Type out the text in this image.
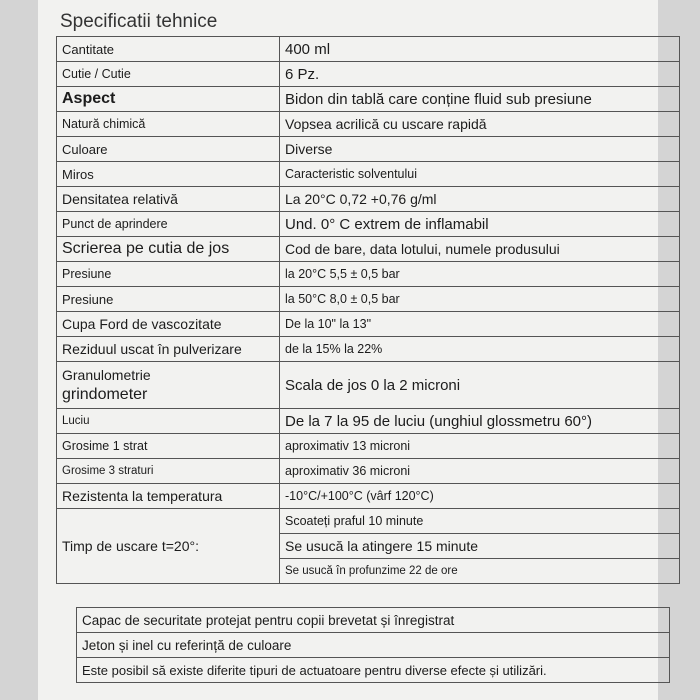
Specificatii tehnice
Cantitate	400 ml
Cutie / Cutie	6 Pz.
Aspect	Bidon din tablă care conține fluid sub presiune
Natură chimică	Vopsea acrilică cu uscare rapidă
Culoare	Diverse
Miros	Caracteristic solventului
Densitatea relativă	La 20°C 0,72 +0,76 g/ml
Punct de aprindere	Und. 0° C extrem de inflamabil
Scrierea pe cutia de jos	Cod de bare, data lotului, numele produsului
Presiune	la 20°C 5,5 ± 0,5 bar
Presiune	la 50°C 8,0 ± 0,5 bar
Cupa Ford de vascozitate	De la 10" la 13"
Reziduul uscat în pulverizare	de la 15% la 22%

Granulometrie
grindometer	Scala de jos 0 la 2 microni
Luciu	De la 7 la 95 de luciu (unghiul glossmetru 60°)
Grosime 1 strat	aproximativ 13 microni
Grosime 3 straturi	aproximativ 36 microni
Rezistenta la temperatura	-10°C/+100°C (vârf 120°C)
Timp de uscare t=20°:	Scoateți praful 10 minute
	Se usucă la atingere 15 minute
	Se usucă în profunzime 22 de ore
Capac de securitate protejat pentru copii brevetat și înregistrat
Jeton și inel cu referință de culoare
Este posibil să existe diferite tipuri de actuatoare pentru diverse efecte și utilizări.
